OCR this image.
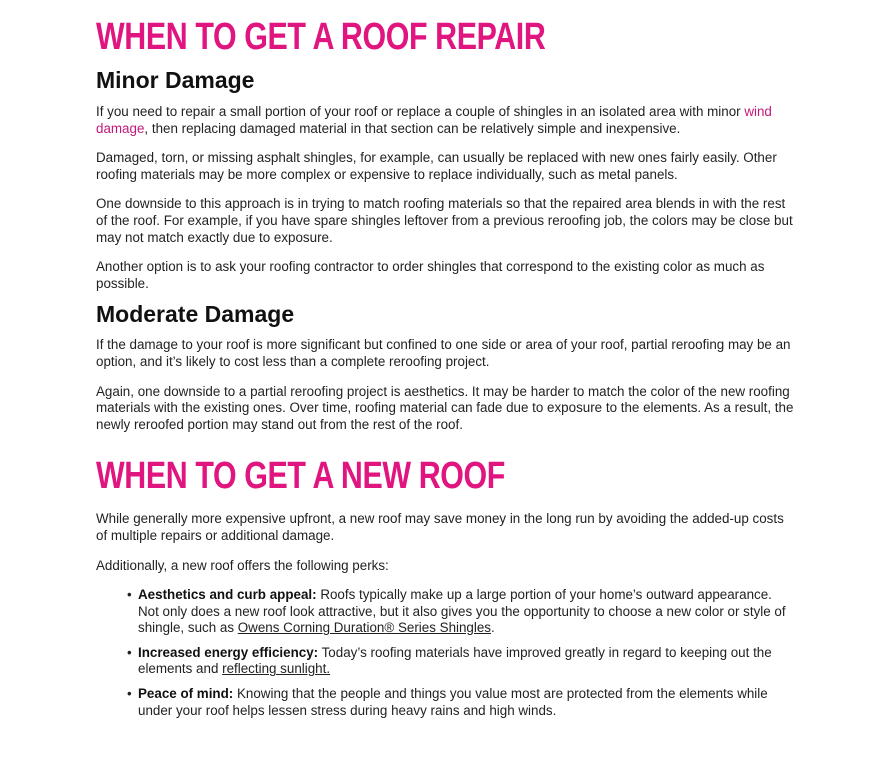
WHEN TO GET A ROOF REPAIR
Minor Damage

If you need to repair a small portion of your roof or replace a couple of shingles in an isolated area with minor wind damage, then replacing damaged material in that section can be relatively simple and inexpensive.

Damaged, torn, or missing asphalt shingles, for example, can usually be replaced with new ones fairly easily. Other roofing materials may be more complex or expensive to replace individually, such as metal panels.

One downside to this approach is in trying to match roofing materials so that the repaired area blends in with the rest of the roof. For example, if you have spare shingles leftover from a previous reroofing job, the colors may be close but may not match exactly due to exposure.

Another option is to ask your roofing contractor to order shingles that correspond to the existing color as much as possible.

Moderate Damage

If the damage to your roof is more significant but confined to one side or area of your roof, partial reroofing may be an option, and it’s likely to cost less than a complete reroofing project.

Again, one downside to a partial reroofing project is aesthetics. It may be harder to match the color of the new roofing materials with the existing ones. Over time, roofing material can fade due to exposure to the elements. As a result, the newly reroofed portion may stand out from the rest of the roof.

WHEN TO GET A NEW ROOF

While generally more expensive upfront, a new roof may save money in the long run by avoiding the added-up costs of multiple repairs or additional damage.

Additionally, a new roof offers the following perks:

• Aesthetics and curb appeal: Roofs typically make up a large portion of your home’s outward appearance. Not only does a new roof look attractive, but it also gives you the opportunity to choose a new color or style of shingle, such as Owens Corning Duration® Series Shingles.
• Increased energy efficiency: Today’s roofing materials have improved greatly in regard to keeping out the elements and reflecting sunlight.
• Peace of mind: Knowing that the people and things you value most are protected from the elements while under your roof helps lessen stress during heavy rains and high winds.
